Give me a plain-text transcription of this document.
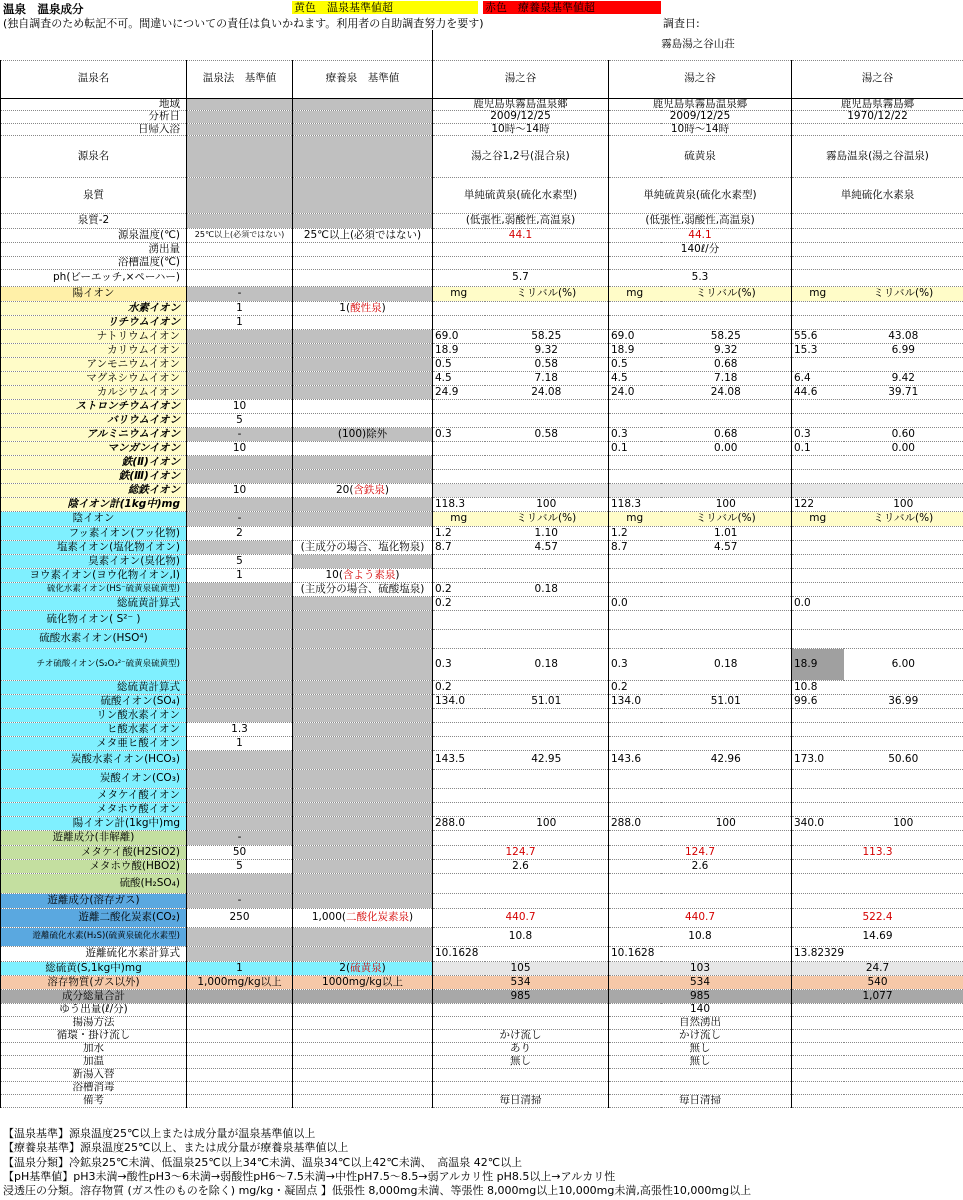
温泉　温泉成分	黄色　温泉基準値超	赤色　療養泉基準値超
(独自調査のため転記不可。間違いについての責任は負いかねます。利用者の自助調査努力を要す)	調査日:
			霧島湯之谷山荘					
温泉名	温泉法　基準値	療養泉　基準値	湯之谷		湯之谷		湯之谷	
地域			鹿児島県霧島温泉郷		鹿児島県霧島温泉郷		鹿児島県霧島郷	
分析日			2009/12/25		2009/12/25		1970/12/22	
日帰入浴			10時～14時		10時～14時			
源泉名			湯之谷1,2号(混合泉)		硫黄泉		霧島温泉(湯之谷温泉)	
泉質			単純硫黄泉(硫化水素型)		単純硫黄泉(硫化水素型)		単純硫化水素泉	
泉質-2			(低張性,弱酸性,高温泉)		(低張性,弱酸性,高温泉)			
源泉温度(℃)	25℃以上(必須ではない)	25℃以上(必須ではない)	44.1		44.1			
湧出量					140ℓ/分			
浴槽温度(℃)								
ph(ビーエッチ,×ペーハー)			5.7		5.3			
陽イオン	-		mg	ミリバル(%)	mg	ミリバル(%)	mg	ミリバル(%)
水素イオン	1	1(酸性泉)						
リチウムイオン	1							
ナトリウムイオン			69.0	58.25	69.0	58.25	55.6	43.08
カリウムイオン			18.9	9.32	18.9	9.32	15.3	6.99
アンモニウムイオン			0.5	0.58	0.5	0.68		
マグネシウムイオン			4.5	7.18	4.5	7.18	6.4	9.42
カルシウムイオン			24.9	24.08	24.0	24.08	44.6	39.71
ストロンチウムイオン	10							
バリウムイオン	5							
アルミニウムイオン	-	(100)除外	0.3	0.58	0.3	0.68	0.3	0.60
マンガンイオン	10				0.1	0.00	0.1	0.00
鉄(Ⅱ)イオン								
鉄(Ⅲ)イオン								
総鉄イオン	10	20(含鉄泉)						
陰イオン計(1kg中)mg			118.3	100	118.3	100	122	100
陰イオン	-		mg	ミリバル(%)	mg	ミリバル(%)	mg	ミリバル(%)
フッ素イオン(フッ化物)	2		1.2	1.10	1.2	1.01		
塩素イオン(塩化物イオン)		(主成分の場合、塩化物泉)	8.7	4.57	8.7	4.57		
臭素イオン(臭化物)	5							
ヨウ素イオン(ヨウ化物イオン,I)	1	10(含よう素泉)						
硫化水素イオン(HS⁻硫黄泉硫黄型)		(主成分の場合、硫酸塩泉)	0.2	0.18				
総硫黄計算式			0.2		0.0		0.0	
硫化物イオン( S²⁻ )								
硫酸水素イオン(HSO⁴)								
チオ硫酸イオン(S₂O₃²⁻硫黄泉硫黄型)			0.3	0.18	0.3	0.18	18.9	6.00
総硫黄計算式			0.2		0.2		10.8	
硫酸イオン(SO₄)			134.0	51.01	134.0	51.01	99.6	36.99
リン酸水素イオン								
ヒ酸水素イオン	1.3							
メタ亜ヒ酸イオン	1							
炭酸水素イオン(HCO₃)			143.5	42.95	143.6	42.96	173.0	50.60
炭酸イオン(CO₃)								
メタケイ酸イオン								
メタホウ酸イオン								
陽イオン計(1kg中)mg			288.0	100	288.0	100	340.0	100
遊離成分(非解離)	-							
メタケイ酸(H2SiO2)	50		124.7		124.7		113.3	
メタホウ酸(HBO2)	5		2.6		2.6			
硫酸(H₂SO₄)								
遊離成分(溶存ガス)	-							
遊離二酸化炭素(CO₂)	250	1,000(二酸化炭素泉)	440.7		440.7		522.4	
遊離硫化水素(H₂S)(硫黄泉硫化水素型)			10.8		10.8		14.69	
遊離硫化水素計算式			10.1628		10.1628		13.82329	
総硫黄(S,1kg中)mg	1	2(硫黄泉)	105		103		24.7	
溶存物質(ガス以外)	1,000mg/kg以上	1000mg/kg以上	534		534		540	
成分総量合計			985		985		1,077	
ゆう出量(ℓ/分)					140			
揚湯方法					自然湧出			
循環・掛け流し			かけ流し		かけ流し			
加水			あり		無し			
加温			無し		無し			
新湯入替								
浴槽消毒								
備考			毎日清掃		毎日清掃			
【温泉基準】源泉温度25℃以上または成分量が温泉基準値以上
【療養泉基準】源泉温度25℃以上、または成分量が療養泉基準値以上
【温泉分類】冷鉱泉25℃未満、低温泉25℃以上34℃未満、温泉34℃以上42℃未満、　高温泉 42℃以上
【pH基準値】pH3未満→酸性pH3～6未満→弱酸性pH6～7.5未満→中性pH7.5～8.5→弱アルカリ性 pH8.5以上→アルカリ性
浸透圧の分類。溶存物質 (ガス性のものを除く) mg/kg・凝固点 】低張性 8,000mg未満、等張性 8,000mg以上10,000mg未満,高張性10,000mg以上
